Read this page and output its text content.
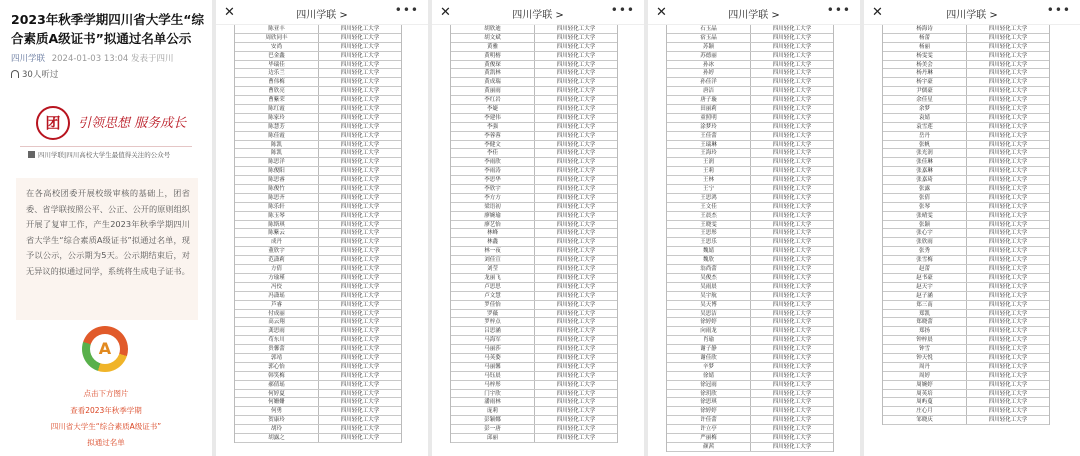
2023年秋季学期四川省大学生“综合素质A级证书”拟通过名单公示
四川学联 2024-01-03 13:04 发表于四川
30人听过
团	引领思想 服务成长
四川学联|四川高校大学生最值得关注的公众号
在各高校团委开展校级审核的基础上，团省委、省学联按照公平、公正、公开的原则组织开展了复审工作，产生2023年秋季学期四川省大学生“综合素质A级证书”拟通过名单，现予以公示，公示期为5天。公示期结束后，对无异议的拟通过同学，系统将生成电子证书。
A
点击下方图片
查看2023年秋季学期
四川省大学生“综合素质A级证书”
拟通过名单
✕	四川学联 >	•••
陈亚丰	四川轻化工大学
周欣同丰	四川轻化工大学
安尚	四川轻化工大学
巴金鑫	四川轻化工大学
毕瑞佳	四川轻化工大学
边乐兰	四川轻化工大学
曹伟梅	四川轻化工大学
曹欣亮	四川轻化工大学
曹紫荣	四川轻化工大学
陈红霞	四川轻化工大学
陈家玲	四川轻化工大学
陈慧芳	四川轻化工大学
陈佳霞	四川轻化工大学
陈凯	四川轻化工大学
陈凯	四川轻化工大学
陈思洋	四川轻化工大学
陈俊阳	四川轻化工大学
陈思睿	四川轻化工大学
陈俊竹	四川轻化工大学
陈思齐	四川轻化工大学
陈乐轩	四川轻化工大学
陈玉琴	四川轻化工大学
陈斯琪	四川轻化工大学
陈紫云	四川轻化工大学
成丹	四川轻化工大学
董欣宇	四川轻化工大学
范潇莉	四川轻化工大学
方倩	四川轻化工大学
方瑜瑾	四川轻化工大学
冯佼	四川轻化工大学
冯潇瑶	四川轻化工大学
芦睿	四川轻化工大学
付成丽	四川轻化工大学
高云翔	四川轻化工大学
龚思雨	四川轻化工大学
苟东川	四川轻化工大学
贵馨蕾	四川轻化工大学
郭靖	四川轻化工大学
郭心怡	四川轻化工大学
韩笑梅	四川轻化工大学
郝倩瑶	四川轻化工大学
何婷夏	四川轻化工大学
何姗姗	四川轻化工大学
何勇	四川轻化工大学
贺康玲	四川轻化工大学
胡玲	四川轻化工大学
胡露之	四川轻化工大学
✕	四川学联 >	•••
胡欣迪	四川轻化工大学
胡文斌	四川轻化工大学
黄雅	四川轻化工大学
黄明榕	四川轻化工大学
黄俊琛	四川轻化工大学
黄凯林	四川轻化工大学
黄成瑞	四川轻化工大学
黄丽雨	四川轻化工大学
李红岩	四川轻化工大学
李婕	四川轻化工大学
李建伟	四川轻化工大学
李强	四川轻化工大学
李蓉蓉	四川轻化工大学
李健文	四川轻化工大学
李佳	四川轻化工大学
李雨欣	四川轻化工大学
李雨涛	四川轻化工大学
李思华	四川轻化工大学
李欣宇	四川轻化工大学
李方方	四川轻化工大学
梁语初	四川轻化工大学
廖婉瑜	四川轻化工大学
廖艺怡	四川轻化工大学
林峰	四川轻化工大学
林鑫	四川轻化工大学
林一夜	四川轻化工大学
刘佳宣	四川轻化工大学
刘莹	四川轻化工大学
龙丽飞	四川轻化工大学
卢思思	四川轻化工大学
卢文慧	四川轻化工大学
罗佳怡	四川轻化工大学
罗薇	四川轻化工大学
罗梓点	四川轻化工大学
吕思涵	四川轻化工大学
马海军	四川轻化工大学
马丽莎	四川轻化工大学
马英姿	四川轻化工大学
马丽馨	四川轻化工大学
马钰晨	四川轻化工大学
马梓彤	四川轻化工大学
门宇欣	四川轻化工大学
潘雨林	四川轻化工大学
庞莉	四川轻化工大学
彭颖娜	四川轻化工大学
彭一唐	四川轻化工大学
邱丽	四川轻化工大学
✕	四川学联 >	•••
石玉晶	四川轻化工大学
宿玉晶	四川轻化工大学
苏颖	四川轻化工大学
苏德丽	四川轻化工大学
孙冰	四川轻化工大学
孙婷	四川轻化工大学
孙佳洋	四川轻化工大学
唐洁	四川轻化工大学
唐子璇	四川轻化工大学
田丽莉	四川轻化工大学
童照明	四川轻化工大学
涂梦玲	四川轻化工大学
王佳蕾	四川轻化工大学
王瑞琳	四川轻化工大学
王海玲	四川轻化工大学
王润	四川轻化工大学
王莉	四川轻化工大学
王林	四川轻化工大学
王宁	四川轻化工大学
王思鸿	四川轻化工大学
王文佳	四川轻化工大学
王晨杰	四川轻化工大学
王晓雯	四川轻化工大学
王思彤	四川轻化工大学
王思乐	四川轻化工大学
魏婧	四川轻化工大学
魏欣	四川轻化工大学
翁尚蕾	四川轻化工大学
吴俊杰	四川轻化工大学
吴雨晨	四川轻化工大学
吴宇航	四川轻化工大学
吴天博	四川轻化工大学
吴思洁	四川轻化工大学
徐婷婷	四川轻化工大学
向雨龙	四川轻化工大学
肖瑜	四川轻化工大学
谢子静	四川轻化工大学
谢佳欣	四川轻化工大学
辛梦	四川轻化工大学
徐婧	四川轻化工大学
徐冠雨	四川轻化工大学
徐玥欣	四川轻化工大学
徐思琪	四川轻化工大学
徐婷婷	四川轻化工大学
许佳蕾	四川轻化工大学
许立亭	四川轻化工大学
严丽梅	四川轻化工大学
颜茜	四川轻化工大学
✕	四川学联 >	•••
杨海诗	四川轻化工大学
杨蕾	四川轻化工大学
杨丽	四川轻化工大学
杨雯雯	四川轻化工大学
杨美会	四川轻化工大学
杨丹琳	四川轻化工大学
杨宇豪	四川轻化工大学
尹儒豪	四川轻化工大学
余佳星	四川轻化工大学
余梦	四川轻化工大学
袁婧	四川轻化工大学
袁雪莲	四川轻化工大学
岳丹	四川轻化工大学
张帆	四川轻化工大学
张光润	四川轻化工大学
张佳琳	四川轻化工大学
张嘉琳	四川轻化工大学
张嘉琦	四川轻化工大学
张露	四川轻化工大学
张倩	四川轻化工大学
张琴	四川轻化工大学
张晴雯	四川轻化工大学
张颖	四川轻化工大学
张心宇	四川轻化工大学
张欣雨	四川轻化工大学
张秀	四川轻化工大学
张雪梅	四川轻化工大学
赵蕾	四川轻化工大学
赵书豪	四川轻化工大学
赵天宇	四川轻化工大学
赵子涵	四川轻化工大学
郑三南	四川轻化工大学
郑凯	四川轻化工大学
郑晓蕾	四川轻化工大学
郑扬	四川轻化工大学
钟梓晨	四川轻化工大学
钟雪	四川轻化工大学
钟天悦	四川轻化工大学
周丹	四川轻化工大学
周婷	四川轻化工大学
周婉婷	四川轻化工大学
周英培	四川轻化工大学
周屿蔓	四川轻化工大学
庄心月	四川轻化工大学
邹晓庆	四川轻化工大学
